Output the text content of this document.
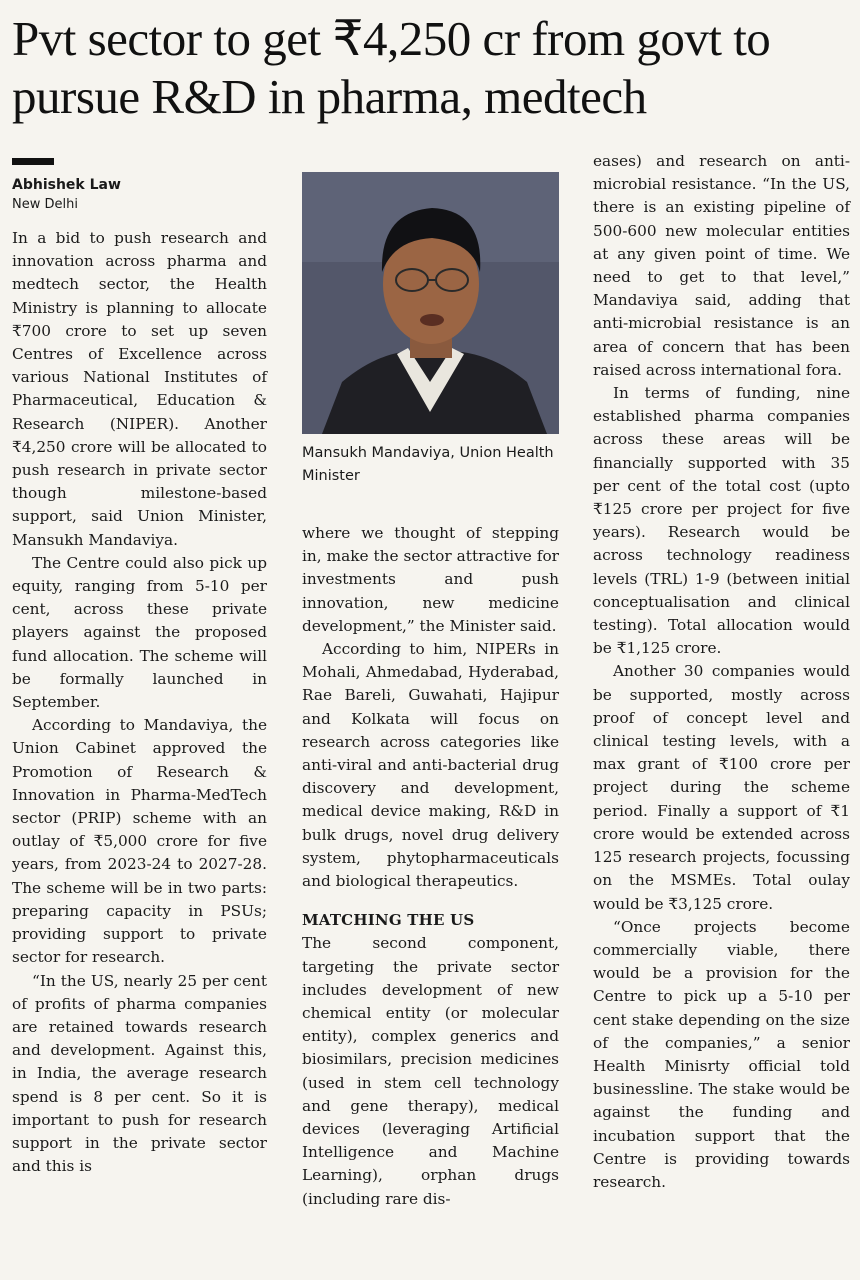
Pvt sector to get ₹4,250 cr from govt to pursue R&D in pharma, medtech

Abhishek Law

New Delhi

In a bid to push research and innovation across pharma and medtech sector, the Health Ministry is planning to allocate ₹700 crore to set up seven Centres of Excellence across various National Institutes of Pharmaceutical, Education & Research (NIPER). Another ₹4,250 crore will be allocated to push research in private sector though milestone-based support, said Union Minister, Mansukh Mandaviya.

The Centre could also pick up equity, ranging from 5-10 per cent, across these private players against the proposed fund allocation. The scheme will be formally launched in September.

According to Mandaviya, the Union Cabinet approved the Promotion of Research & Innovation in Pharma-MedTech sector (PRIP) scheme with an outlay of ₹5,000 crore for five years, from 2023-24 to 2027-28. The scheme will be in two parts: preparing capacity in PSUs; providing support to private sector for research.

“In the US, nearly 25 per cent of profits of pharma companies are retained towards research and development. Against this, in India, the average research spend is 8 per cent. So it is important to push for research support in the private sector and this is

Mansukh Mandaviya, Union Health Minister

where we thought of stepping in, make the sector attractive for investments and push innovation, new medicine development,” the Minister said.

According to him, NIPERs in Mohali, Ahmedabad, Hyderabad, Rae Bareli, Guwahati, Hajipur and Kolkata will focus on research across categories like anti-viral and anti-bacterial drug discovery and development, medical device making, R&D in bulk drugs, novel drug delivery system, phytopharmaceuticals and biological therapeutics.

MATCHING THE US

The second component, targeting the private sector includes development of new chemical entity (or molecular entity), complex generics and biosimilars, precision medicines (used in stem cell technology and gene therapy), medical devices (leveraging Artificial Intelligence and Machine Learning), orphan drugs (including rare dis-

eases) and research on anti-microbial resistance. “In the US, there is an existing pipeline of 500-600 new molecular entities at any given point of time. We need to get to that level,” Mandaviya said, adding that anti-microbial resistance is an area of concern that has been raised across international fora.

In terms of funding, nine established pharma companies across these areas will be financially supported with 35 per cent of the total cost (upto ₹125 crore per project for five years). Research would be across technology readiness levels (TRL) 1-9 (between initial conceptualisation and clinical testing). Total allocation would be ₹1,125 crore.

Another 30 companies would be supported, mostly across proof of concept level and clinical testing levels, with a max grant of ₹100 crore per project during the scheme period. Finally a support of ₹1 crore would be extended across 125 research projects, focussing on the MSMEs. Total oulay would be ₹3,125 crore.

“Once projects become commercially viable, there would be a provision for the Centre to pick up a 5-10 per cent stake depending on the size of the companies,” a senior Health Minisrty official told businessline. The stake would be against the funding and incubation support that the Centre is providing towards research.
